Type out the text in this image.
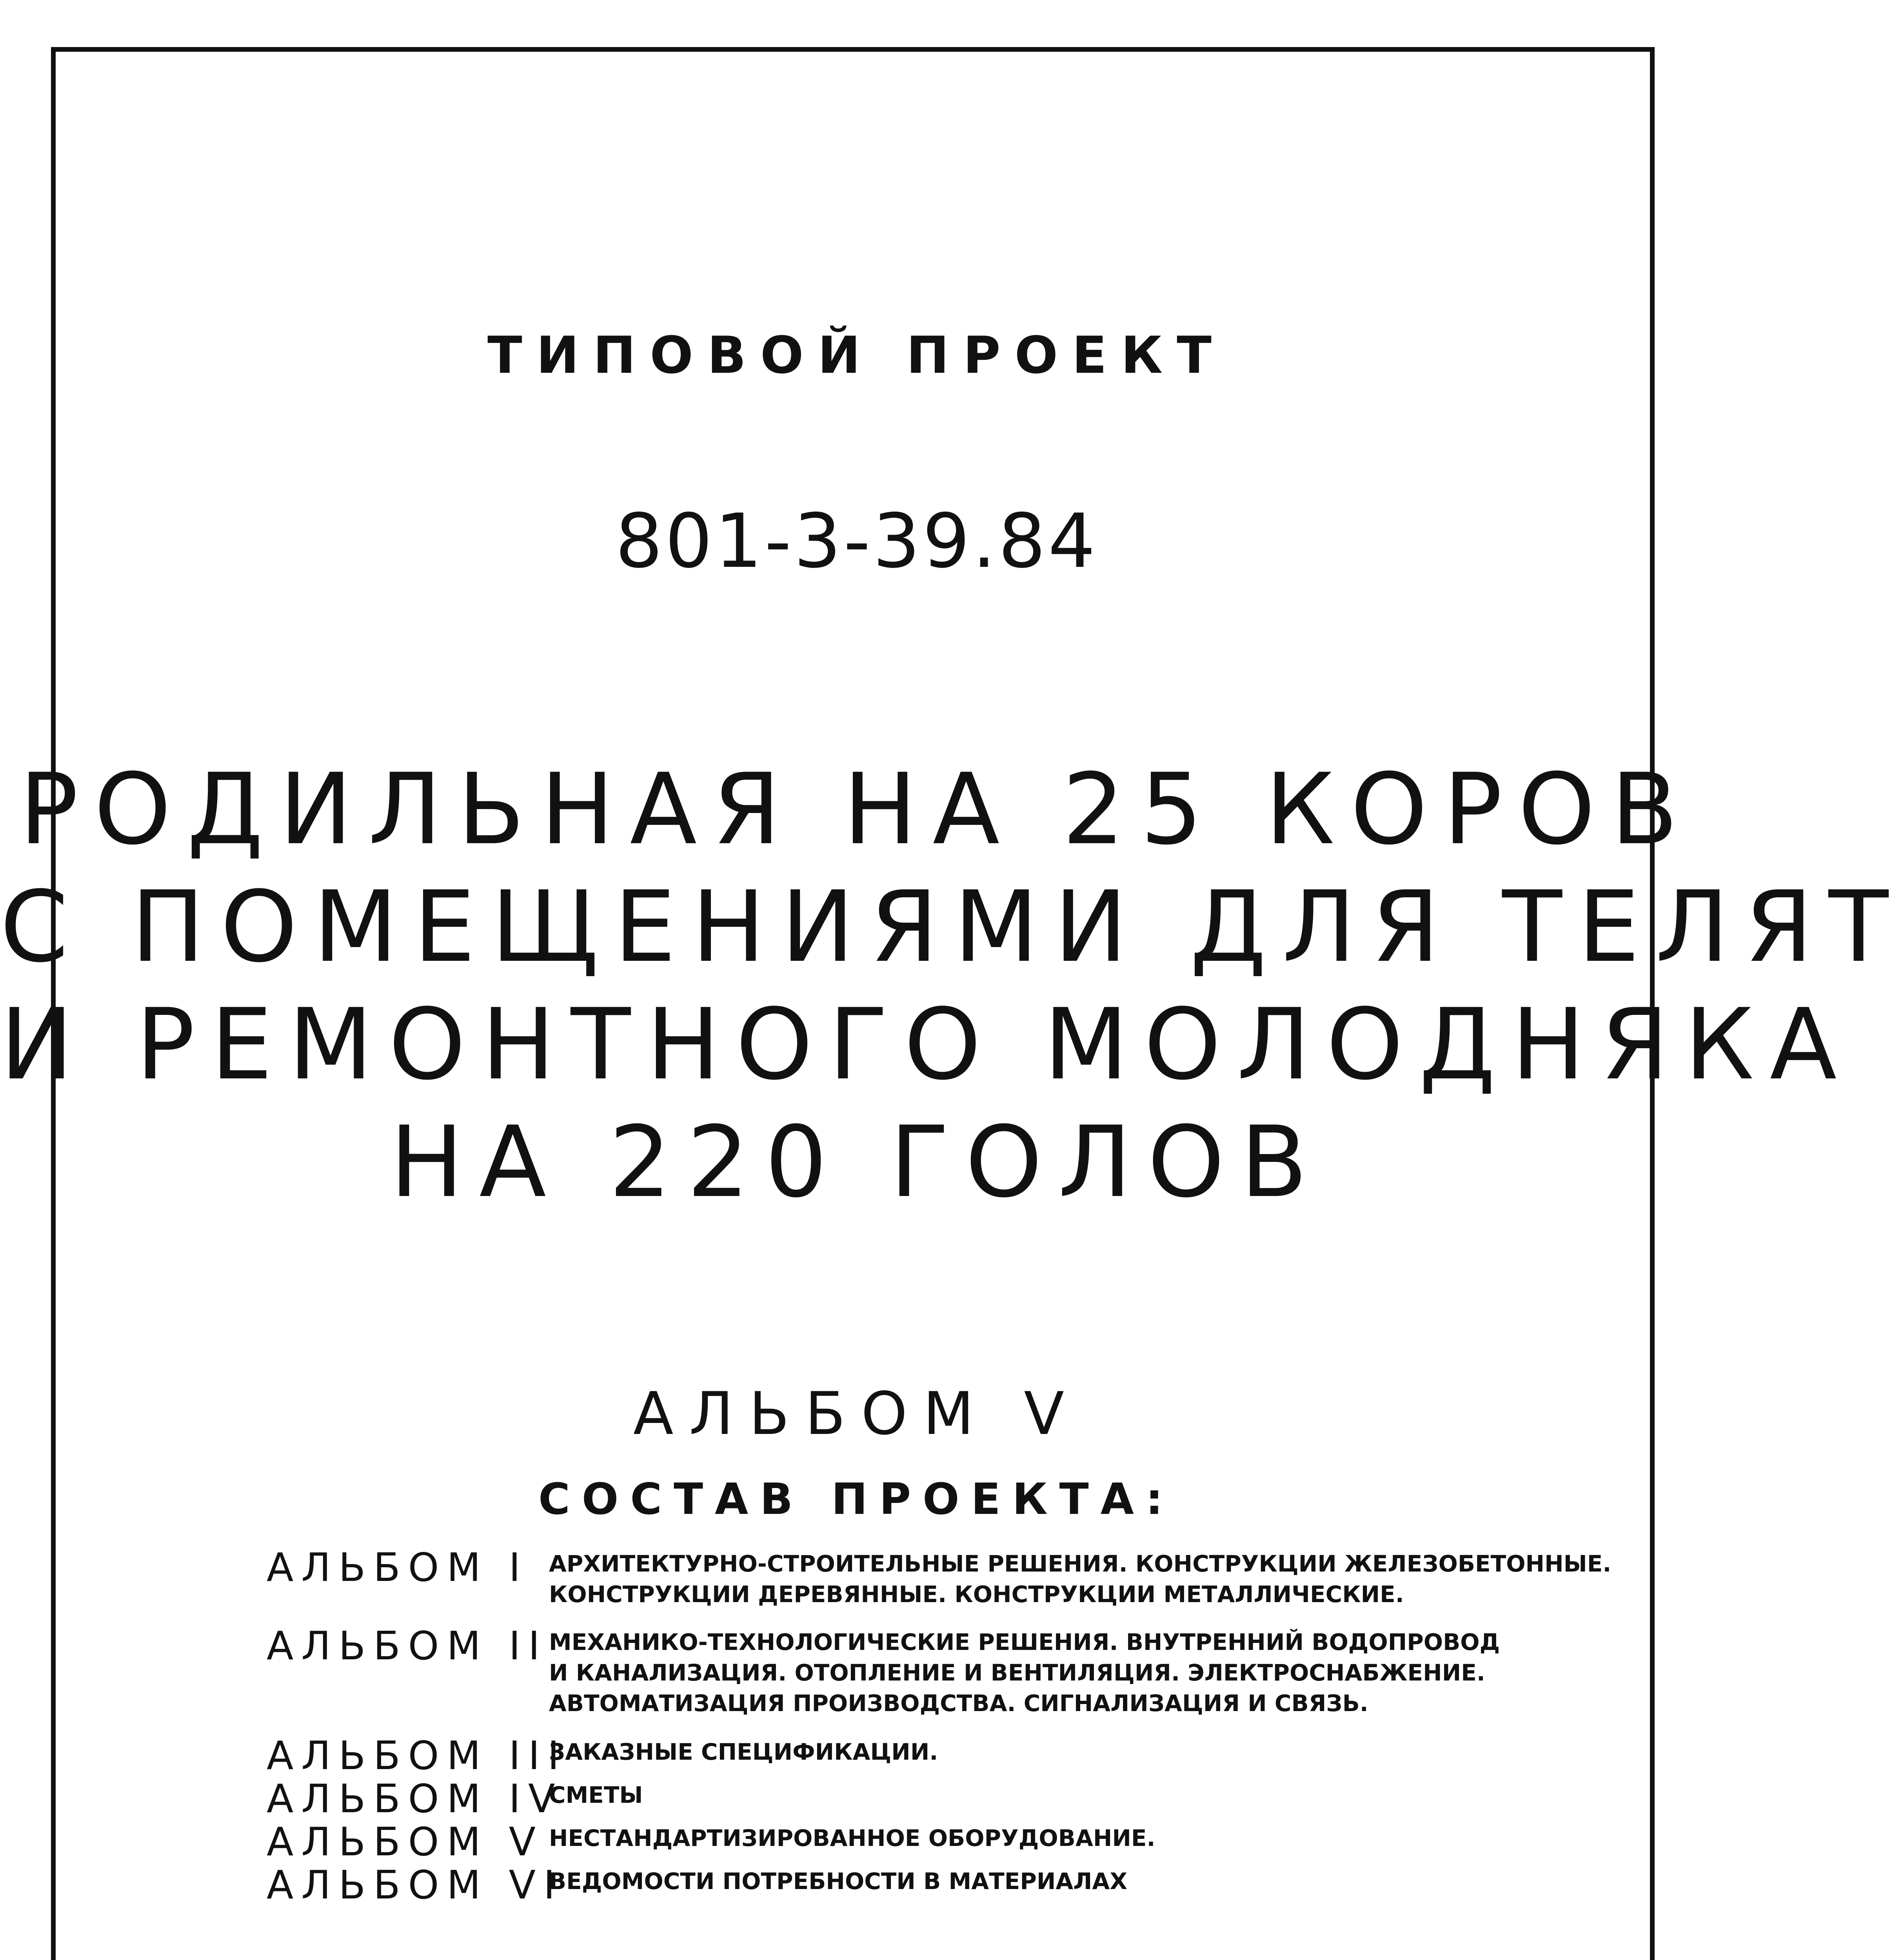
ТИПОВОЙ ПРОЕКТ
801-3-39.84
РОДИЛЬНАЯ НА 25 КОРОВ
С ПОМЕЩЕНИЯМИ ДЛЯ ТЕЛЯТ
И РЕМОНТНОГО МОЛОДНЯКА
НА 220 ГОЛОВ
АЛЬБОМ V
СОСТАВ ПРОЕКТА:
АЛЬБОМ I АРХИТЕКТУРНО-СТРОИТЕЛЬНЫЕ РЕШЕНИЯ. КОНСТРУКЦИИ ЖЕЛЕЗОБЕТОННЫЕ.
КОНСТРУКЦИИ ДЕРЕВЯННЫЕ. КОНСТРУКЦИИ МЕТАЛЛИЧЕСКИЕ.
АЛЬБОМ II МЕХАНИКО-ТЕХНОЛОГИЧЕСКИЕ РЕШЕНИЯ. ВНУТРЕННИЙ ВОДОПРОВОД
И КАНАЛИЗАЦИЯ. ОТОПЛЕНИЕ И ВЕНТИЛЯЦИЯ. ЭЛЕКТРОСНАБЖЕНИЕ.
АВТОМАТИЗАЦИЯ ПРОИЗВОДСТВА. СИГНАЛИЗАЦИЯ И СВЯЗЬ.
АЛЬБОМ III
ЗАКАЗНЫЕ СПЕЦИФИКАЦИИ.
АЛЬБОМ IV
СМЕТЫ
АЛЬБОМ V НЕСТАНДАРТИЗИРОВАННОЕ ОБОРУДОВАНИЕ.
АЛЬБОМ VI
ВЕДОМОСТИ ПОТРЕБНОСТИ В МАТЕРИАЛАХ
